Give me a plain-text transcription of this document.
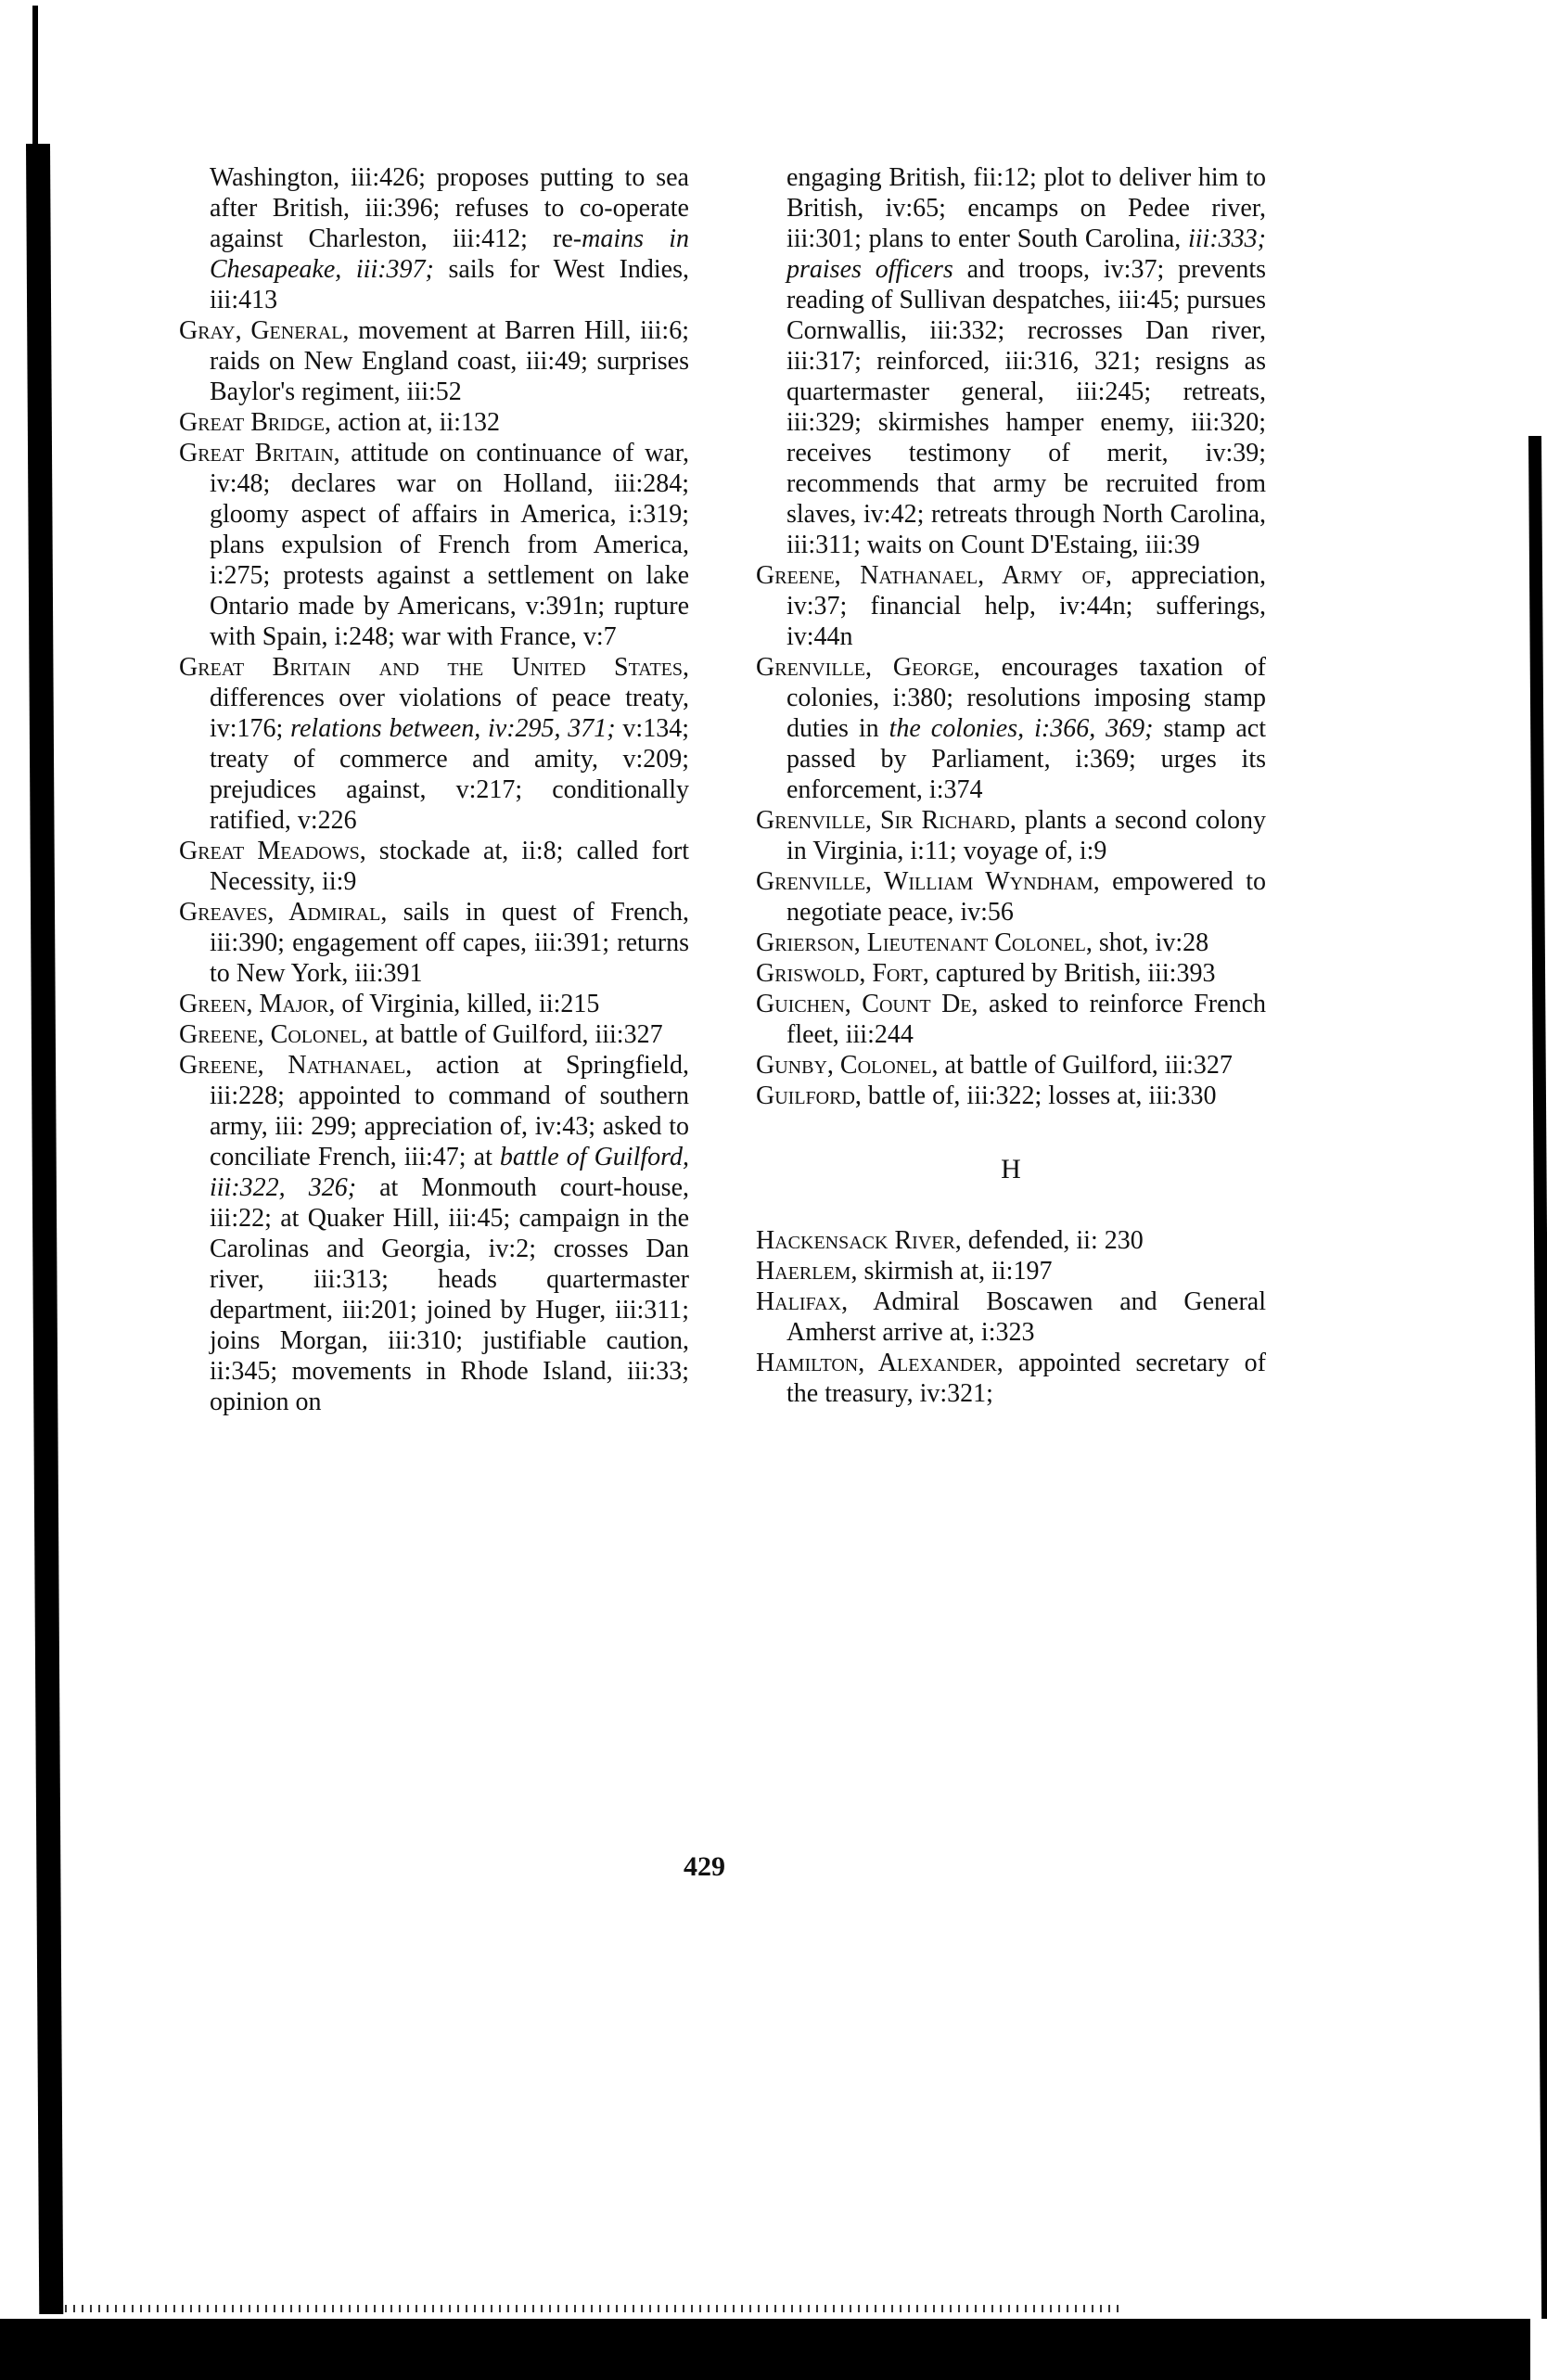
Washington, iii:426; proposes putting to sea after British, iii:396; refuses to co-operate against Charleston, iii:412; re-mains in Chesapeake, iii:397; sails for West Indies, iii:413

Gray, General, movement at Barren Hill, iii:6; raids on New England coast, iii:49; surprises Baylor's regiment, iii:52

Great Bridge, action at, ii:132

Great Britain, attitude on continuance of war, iv:48; declares war on Holland, iii:284; gloomy aspect of affairs in America, i:319; plans expulsion of French from America, i:275; protests against a settlement on lake Ontario made by Americans, v:391n; rupture with Spain, i:248; war with France, v:7

Great Britain and the United States, differences over violations of peace treaty, iv:176; relations between, iv:295, 371; v:134; treaty of commerce and amity, v:209; prejudices against, v:217; conditionally ratified, v:226

Great Meadows, stockade at, ii:8; called fort Necessity, ii:9

Greaves, Admiral, sails in quest of French, iii:390; engagement off capes, iii:391; returns to New York, iii:391

Green, Major, of Virginia, killed, ii:215

Greene, Colonel, at battle of Guilford, iii:327

Greene, Nathanael, action at Springfield, iii:228; appointed to command of southern army, iii: 299; appreciation of, iv:43; asked to conciliate French, iii:47; at battle of Guilford, iii:322, 326; at Monmouth court-house, iii:22; at Quaker Hill, iii:45; campaign in the Carolinas and Georgia, iv:2; crosses Dan river, iii:313; heads quartermaster department, iii:201; joined by Huger, iii:311; joins Morgan, iii:310; justifiable caution, ii:345; movements in Rhode Island, iii:33; opinion on

engaging British, fii:12; plot to deliver him to British, iv:65; encamps on Pedee river, iii:301; plans to enter South Carolina, iii:333; praises officers and troops, iv:37; prevents reading of Sullivan despatches, iii:45; pursues Cornwallis, iii:332; recrosses Dan river, iii:317; reinforced, iii:316, 321; resigns as quartermaster general, iii:245; retreats, iii:329; skirmishes hamper enemy, iii:320; receives testimony of merit, iv:39; recommends that army be recruited from slaves, iv:42; retreats through North Carolina, iii:311; waits on Count D'Estaing, iii:39

Greene, Nathanael, Army of, appreciation, iv:37; financial help, iv:44n; sufferings, iv:44n

Grenville, George, encourages taxation of colonies, i:380; resolutions imposing stamp duties in the colonies, i:366, 369; stamp act passed by Parliament, i:369; urges its enforcement, i:374

Grenville, Sir Richard, plants a second colony in Virginia, i:11; voyage of, i:9

Grenville, William Wyndham, empowered to negotiate peace, iv:56

Grierson, Lieutenant Colonel, shot, iv:28

Griswold, Fort, captured by British, iii:393

Guichen, Count De, asked to reinforce French fleet, iii:244

Gunby, Colonel, at battle of Guilford, iii:327

Guilford, battle of, iii:322; losses at, iii:330

H

Hackensack River, defended, ii: 230

Haerlem, skirmish at, ii:197

Halifax, Admiral Boscawen and General Amherst arrive at, i:323

Hamilton, Alexander, appointed secretary of the treasury, iv:321;

429
